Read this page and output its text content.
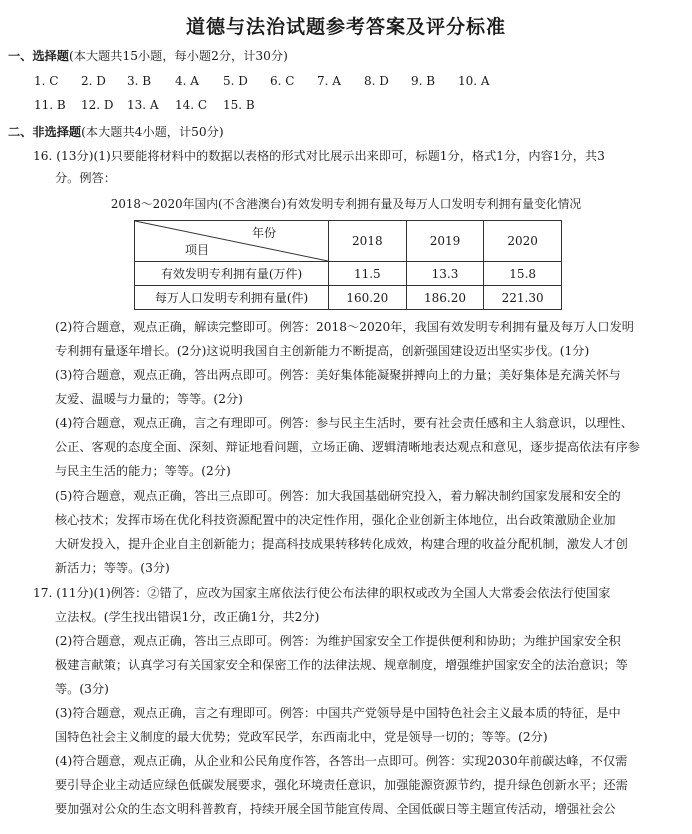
道德与法治试题参考答案及评分标准
一、选择题(本大题共15小题，每小题2分，计30分)
1. C 2. D 3. B 4. A 5. D 6. C 7. A 8. D 9. B 10. A
11. B 12. D 13. A 14. C 15. B
二、非选择题(本大题共4小题，计50分)
16. (13分)(1)只要能将材料中的数据以表格的形式对比展示出来即可，标题1分，格式1分，内容1分，共3
分。例答：
2018～2020年国内(不含港澳台)有效发明专利拥有量及每万人口发明专利拥有量变化情况
年份
项目	2018	2019	2020
有效发明专利拥有量(万件)	11.5	13.3	15.8
每万人口发明专利拥有量(件)	160.20	186.20	221.30
(2)符合题意，观点正确，解读完整即可。例答：2018～2020年，我国有效发明专利拥有量及每万人口发明
专利拥有量逐年增长。(2分)这说明我国自主创新能力不断提高，创新强国建设迈出坚实步伐。(1分)
(3)符合题意，观点正确，答出两点即可。例答：美好集体能凝聚拼搏向上的力量；美好集体是充满关怀与
友爱、温暖与力量的；等等。(2分)
(4)符合题意，观点正确，言之有理即可。例答：参与民主生活时，要有社会责任感和主人翁意识，以理性、
公正、客观的态度全面、深刻、辩证地看问题，立场正确、逻辑清晰地表达观点和意见，逐步提高依法有序参
与民主生活的能力；等等。(2分)
(5)符合题意，观点正确，答出三点即可。例答：加大我国基础研究投入，着力解决制约国家发展和安全的
核心技术；发挥市场在优化科技资源配置中的决定性作用，强化企业创新主体地位，出台政策激励企业加
大研发投入，提升企业自主创新能力；提高科技成果转移转化成效，构建合理的收益分配机制，激发人才创
新活力；等等。(3分)
17. (11分)(1)例答：②错了，应改为国家主席依法行使公布法律的职权或改为全国人大常委会依法行使国家
立法权。(学生找出错误1分，改正确1分，共2分)
(2)符合题意，观点正确，答出三点即可。例答：为维护国家安全工作提供便利和协助；为维护国家安全积
极建言献策；认真学习有关国家安全和保密工作的法律法规、规章制度，增强维护国家安全的法治意识；等
等。(3分)
(3)符合题意，观点正确，言之有理即可。例答：中国共产党领导是中国特色社会主义最本质的特征，是中
国特色社会主义制度的最大优势；党政军民学，东西南北中，党是领导一切的；等等。(2分)
(4)符合题意，观点正确，从企业和公民角度作答，各答出一点即可。例答：实现2030年前碳达峰，不仅需
要引导企业主动适应绿色低碳发展要求，强化环境责任意识，加强能源资源节约，提升绿色创新水平；还需
要加强对公众的生态文明科普教育，持续开展全国节能宣传周、全国低碳日等主题宣传活动，增强社会公
